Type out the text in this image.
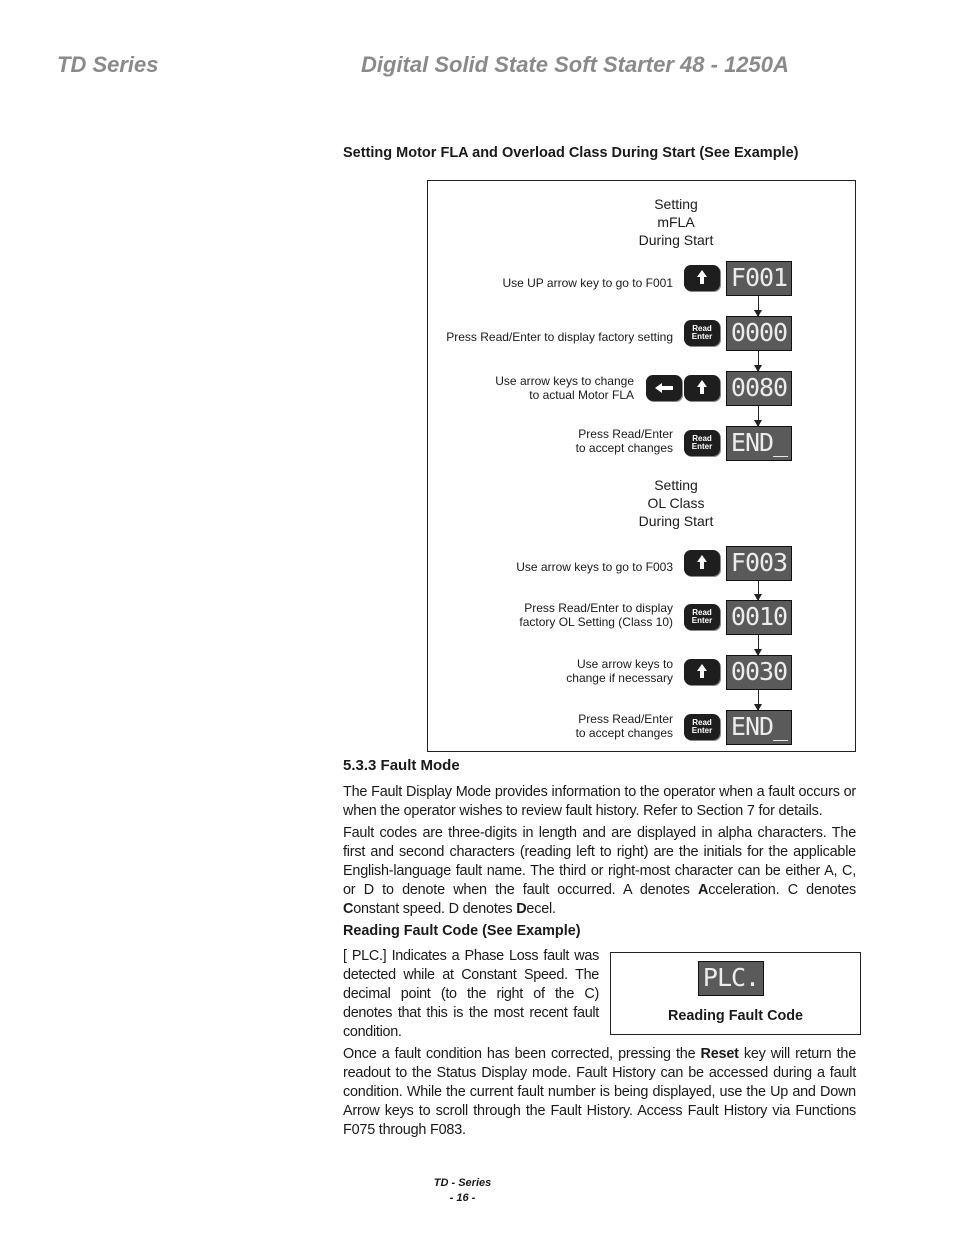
TD Series	Digital Solid State Soft Starter 48 - 1250A
Setting Motor FLA and Overload Class During Start (See Example)
Setting
mFLA
During Start
Setting
OL Class
During Start
Use UP arrow key to go to F001 F001
Press Read/Enter to display factory setting
Read
Enter 0000
Use arrow keys to change
to actual Motor FLA	0080
Press Read/Enter
to accept changes
Read
Enter END_
Use arrow keys to go to F003 F003
Press Read/Enter to display
factory OL Setting (Class 10)
Read
Enter 0010
Use arrow keys to
change if necessary 0030
Press Read/Enter
to accept changes
Read
Enter END_
5.3.3 Fault Mode

The Fault Display Mode provides information to the operator when a fault occurs or when the operator wishes to review fault history. Refer to Section 7 for details.

Fault codes are three-digits in length and are displayed in alpha characters. The first and second characters (reading left to right) are the initials for the applicable English-language fault name. The third or right-most character can be either A, C, or D to denote when the fault occurred. A denotes Acceleration. C denotes Constant speed. D denotes Decel.

Reading Fault Code (See Example)

[ PLC.] Indicates a Phase Loss fault was detected while at Constant Speed. The decimal point (to the right of the C) denotes that this is the most recent fault condition.

PLC.
Reading Fault Code

Once a fault condition has been corrected, pressing the Reset key will return the readout to the Status Display mode. Fault History can be accessed during a fault condition. While the current fault number is being displayed, use the Up and Down Arrow keys to scroll through the Fault History. Access Fault History via Functions F075 through F083.

TD - Series
- 16 -
